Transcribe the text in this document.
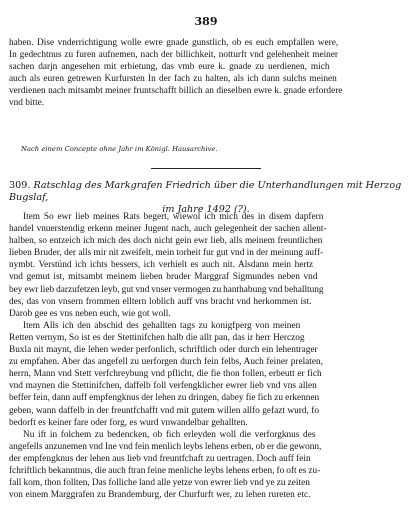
389
haben. Dise vnderrichtigung wolle ewre gnade gunstlich, ob es euch empfallen were,
In gedechtnus zu furen aufnemen, nach der billichkeit, notturft vnd gelehenheit meiner
sachen darjn angesehen mit erbietung, das vmb eure k. gnade zu uerdienen, mich
auch als euren getrewen Kurfursten In der fach zu halten, als ich dann sulchs meinen
verdienen nach mitsambt meiner fruntschafft billich an dieselben ewre k. gnade erfordere
vnd bitte.
Nach einem Concepte ohne Jahr im Königl. Hausarchive.
309. Ratschlag des Markgrafen Friedrich über die Unterhandlungen mit Herzog Bugslaf,
im Jahre 1492 (?).
Item So ewr lieb meines Rats begert, wiewol ich mich des in disem dapfern
handel vnuerstendig erkenn meiner Jugent nach, auch gelegenheit der sachen allent-
halben, so entzeich ich mich des doch nicht gein ewr lieb, alls meinem freuntlichen
lieben Bruder, der alls mir nit zweifelt, mein torheit fur gut vnd in der meinung auff-
nymbt. Verstünd ich ichts bessers, ich verhielt es auch nit. Alsdann mein hertz
vnd gemut ist, mitsambt meinem lieben bruder Marggraf Sigmundes neben vnd
bey ewr lieb darzufetzen leyb, gut vnd vnser vermogen zu hanthabung vnd behalltung
des, das von vnsern frommen elltern loblich auff vns bracht vnd herkommen ist.
Darob gee es vns neben euch, wie got woll.
Item Alls ich den abschid des gehallten tags zu konigfperg von meinen
Retten vernym, So ist es der Stettinifchen halb die allt pan, das ir herr Herczog
Buxla nit maynt, die lehen weder perfonlich, schriftlich oder durch ein lehentrager
zu empfahen. Aber das angefell zu uerforgen durch fein felbs, Auch feiner prelaten,
herrn, Mann vnd Stett verfchreybung vnd pflicht, die fie thon follen, erbeutt er fich
vnd maynen die Stettinifchen, daffelb foll verfengklicher ewrer lieb vnd vns allen
beffer fein, dann auff empfengknus der lehen zu dringen, dabey fie fich zu erkennen
geben, wann daffelb in der freuntfchafft vnd mit gutem willen allfo gefazt wurd, fo
bedorft es keiner fare oder forg, es wurd vnwandelbar gehallten.
Nu ift in folchem zu bedencken, ob fich erleyden woll die verforgknus des
angefells anzunemen vnd Ine vnd fein menlich leybs lehens erben, ob er die gewonn,
der empfengknus der lehen aus lieb vnd freuntfchaft zu uertragen. Doch auff fein
fchriftlich bekanntnus, die auch ftran feine menliche leybs lehens erben, fo oft es zu-
fall kom, thon follten, Das folliche land alle yetze von ewrer lieb vnd ye zu zeiten
von einem Marggrafen zu Brandemburg, der Churfurft wer, zu lehen rureten etc.
